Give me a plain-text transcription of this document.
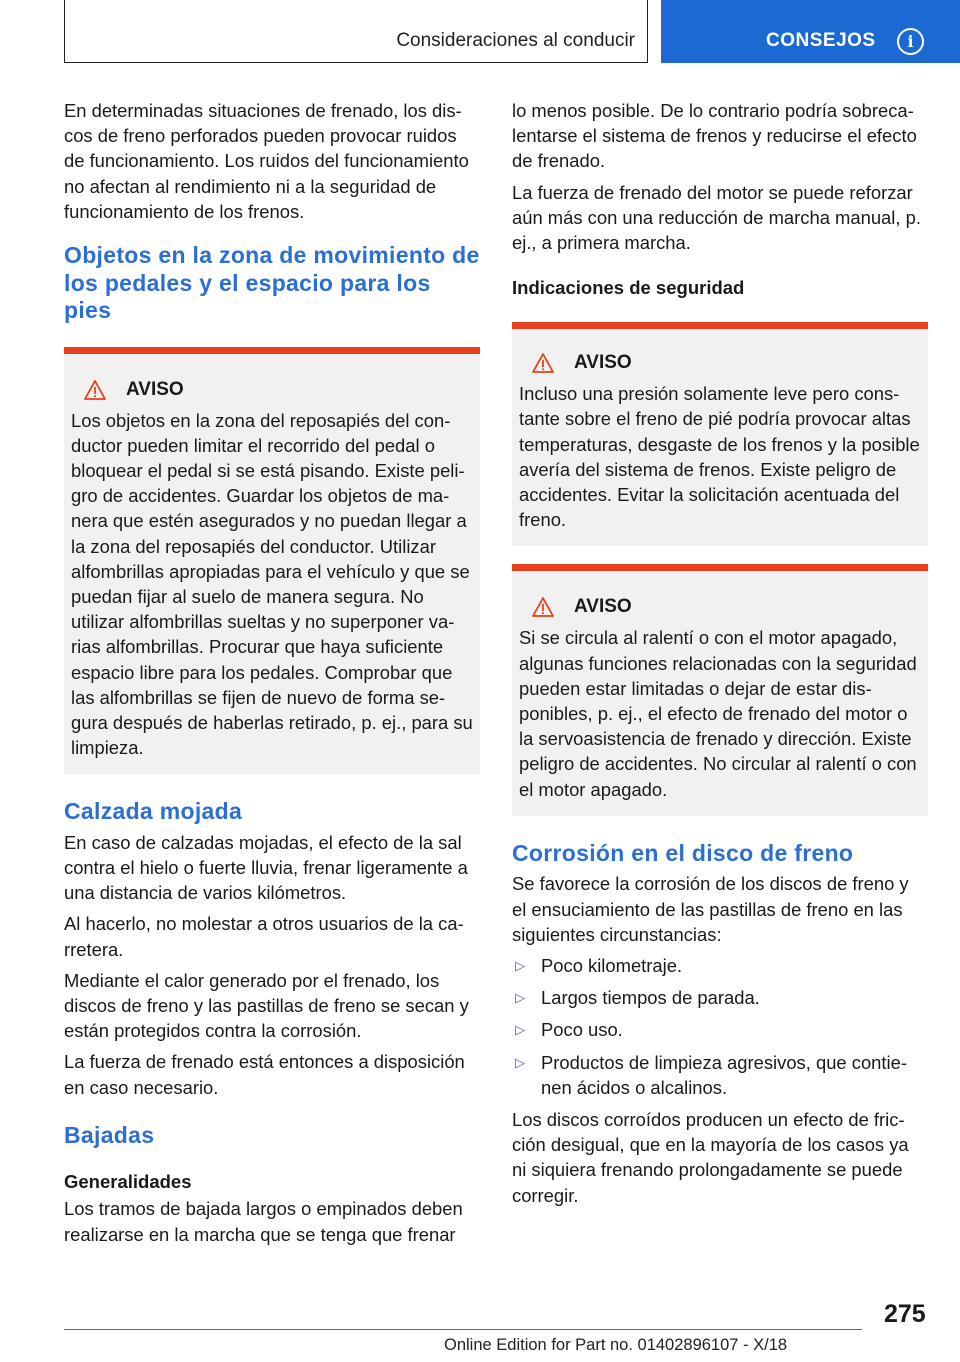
Consideraciones al conducir	CONSEJOS	i

En determinadas situaciones de frenado, los discos de freno perforados pueden provocar ruidos de funcionamiento. Los ruidos del funcionamiento no afectan al rendimiento ni a la seguridad de funcionamiento de los frenos.

Objetos en la zona de movimiento de los pedales y el espacio para los pies
AVISO

Los objetos en la zona del reposapiés del conductor pueden limitar el recorrido del pedal o bloquear el pedal si se está pisando. Existe peligro de accidentes. Guardar los objetos de manera que estén asegurados y no puedan llegar a la zona del reposapiés del conductor. Utilizar alfombrillas apropiadas para el vehículo y que se puedan fijar al suelo de manera segura. No utilizar alfombrillas sueltas y no superponer varias alfombrillas. Procurar que haya suficiente espacio libre para los pedales. Comprobar que las alfombrillas se fijen de nuevo de forma segura después de haberlas retirado, p. ej., para su limpieza.

Calzada mojada

En caso de calzadas mojadas, el efecto de la sal contra el hielo o fuerte lluvia, frenar ligeramente a una distancia de varios kilómetros.

Al hacerlo, no molestar a otros usuarios de la carretera.

Mediante el calor generado por el frenado, los discos de freno y las pastillas de freno se secan y están protegidos contra la corrosión.

La fuerza de frenado está entonces a disposición en caso necesario.

Bajadas
Generalidades

Los tramos de bajada largos o empinados deben realizarse en la marcha que se tenga que frenar

lo menos posible. De lo contrario podría sobrecalentarse el sistema de frenos y reducirse el efecto de frenado.

La fuerza de frenado del motor se puede reforzar aún más con una reducción de marcha manual, p. ej., a primera marcha.

Indicaciones de seguridad
AVISO

Incluso una presión solamente leve pero constante sobre el freno de pié podría provocar altas temperaturas, desgaste de los frenos y la posible avería del sistema de frenos. Existe peligro de accidentes. Evitar la solicitación acentuada del freno.

AVISO

Si se circula al ralentí o con el motor apagado, algunas funciones relacionadas con la seguridad pueden estar limitadas o dejar de estar disponibles, p. ej., el efecto de frenado del motor o la servoasistencia de frenado y dirección. Existe peligro de accidentes. No circular al ralentí o con el motor apagado.

Corrosión en el disco de freno

Se favorece la corrosión de los discos de freno y el ensuciamiento de las pastillas de freno en las siguientes circunstancias:

▷ Poco kilometraje.
▷ Largos tiempos de parada.
▷ Poco uso.
▷ Productos de limpieza agresivos, que contienen ácidos o alcalinos.

Los discos corroídos producen un efecto de fricción desigual, que en la mayoría de los casos ya ni siquiera frenando prolongadamente se puede corregir.

275
Online Edition for Part no. 01402896107 - X/18
